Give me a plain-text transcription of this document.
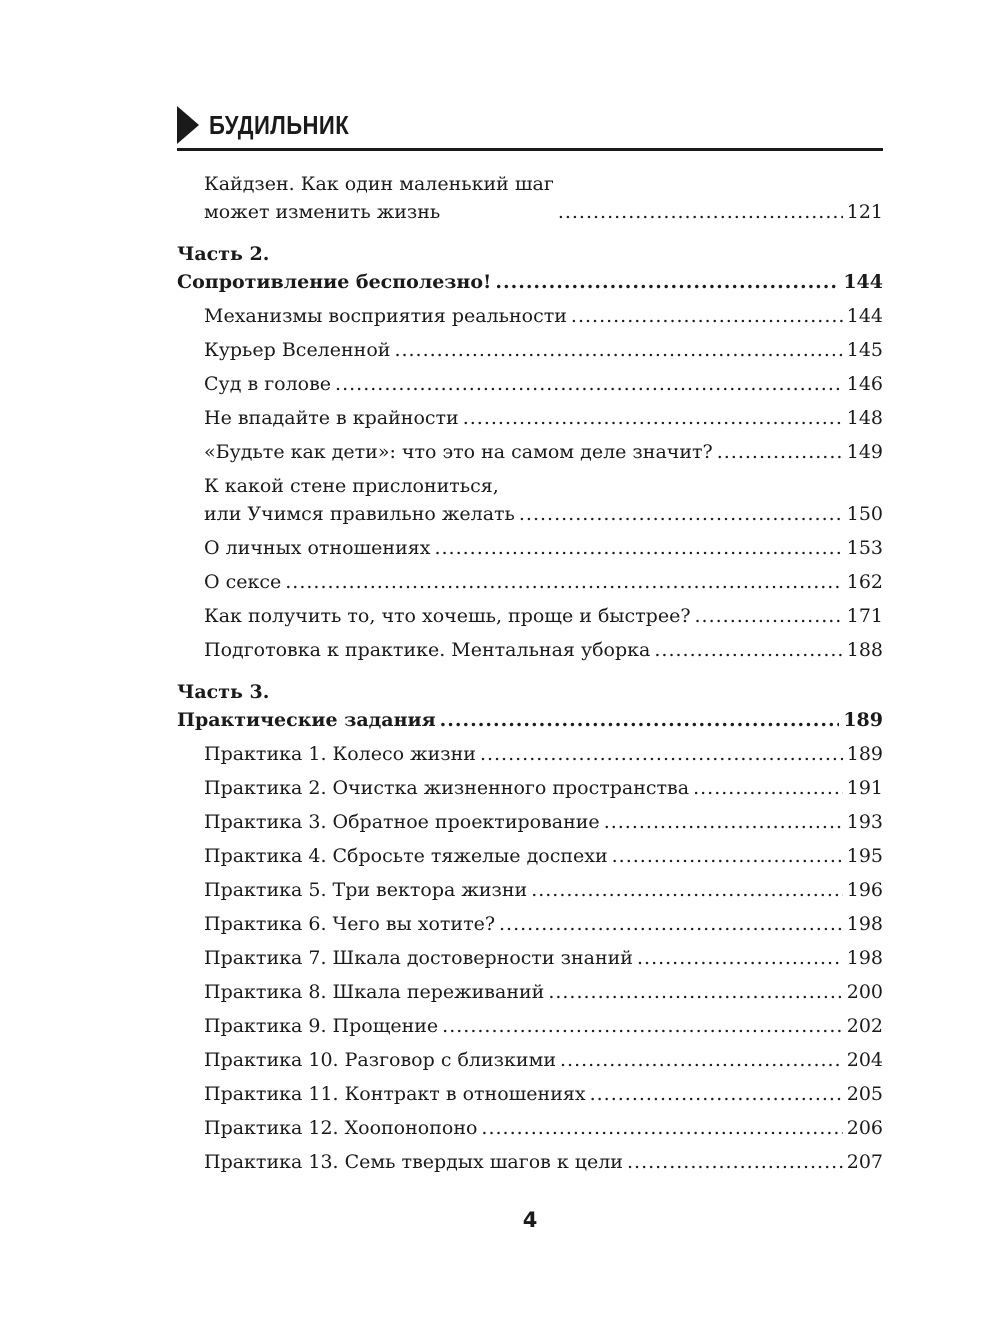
БУДИЛЬНИК
Кайдзен. Как один маленький шаг
может изменить жизнь .....	121
Часть 2.
Сопротивление бесполезно! .....	144
Механизмы восприятия реальности .....	144
Курьер Вселенной .....	145
Суд в голове .....	146
Не впадайте в крайности .....	148
«Будьте как дети»: что это на самом деле значит? .....	149
К какой стене прислониться,
или Учимся правильно желать .....	150
О личных отношениях .....	153
О сексе .....	162
Как получить то, что хочешь, проще и быстрее? .....	171
Подготовка к практике. Ментальная уборка .....	188
Часть 3.
Практические задания .....	189
Практика 1. Колесо жизни .....	189
Практика 2. Очистка жизненного пространства .....	191
Практика 3. Обратное проектирование .....	193
Практика 4. Сбросьте тяжелые доспехи .....	195
Практика 5. Три вектора жизни .....	196
Практика 6. Чего вы хотите? .....	198
Практика 7. Шкала достоверности знаний .....	198
Практика 8. Шкала переживаний .....	200
Практика 9. Прощение .....	202
Практика 10. Разговор с близкими .....	204
Практика 11. Контракт в отношениях .....	205
Практика 12. Хоопонопоно .....	206
Практика 13. Семь твердых шагов к цели .....	207
4
